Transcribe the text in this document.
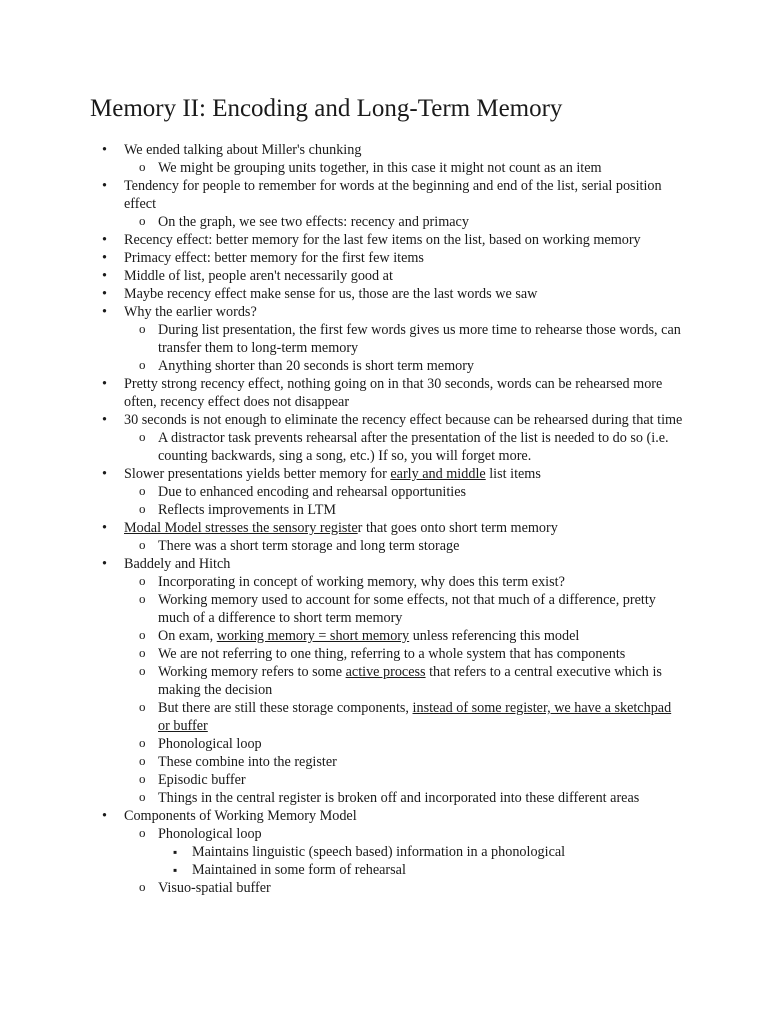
Memory II: Encoding and Long-Term Memory
• We ended talking about Miller's chunking
o We might be grouping units together, in this case it might not count as an item
• Tendency for people to remember for words at the beginning and end of the list, serial position effect
o On the graph, we see two effects: recency and primacy
• Recency effect: better memory for the last few items on the list, based on working memory
• Primacy effect: better memory for the first few items
• Middle of list, people aren't necessarily good at
• Maybe recency effect make sense for us, those are the last words we saw
• Why the earlier words?
o During list presentation, the first few words gives us more time to rehearse those words, can transfer them to long-term memory
o Anything shorter than 20 seconds is short term memory
• Pretty strong recency effect, nothing going on in that 30 seconds, words can be rehearsed more often, recency effect does not disappear
• 30 seconds is not enough to eliminate the recency effect because can be rehearsed during that time
o A distractor task prevents rehearsal after the presentation of the list is needed to do so (i.e. counting backwards, sing a song, etc.) If so, you will forget more.
• Slower presentations yields better memory for early and middle list items
o Due to enhanced encoding and rehearsal opportunities
o Reflects improvements in LTM
• Modal Model stresses the sensory register that goes onto short term memory
o There was a short term storage and long term storage
• Baddely and Hitch
o Incorporating in concept of working memory, why does this term exist?
o Working memory used to account for some effects, not that much of a difference, pretty much of a difference to short term memory
o On exam, working memory = short memory unless referencing this model
o We are not referring to one thing, referring to a whole system that has components
o Working memory refers to some active process that refers to a central executive which is making the decision
o But there are still these storage components, instead of some register, we have a sketchpad or buffer
o Phonological loop
o These combine into the register
o Episodic buffer
o Things in the central register is broken off and incorporated into these different areas
• Components of Working Memory Model
o Phonological loop
▪ Maintains linguistic (speech based) information in a phonological
▪ Maintained in some form of rehearsal
o Visuo-spatial buffer
